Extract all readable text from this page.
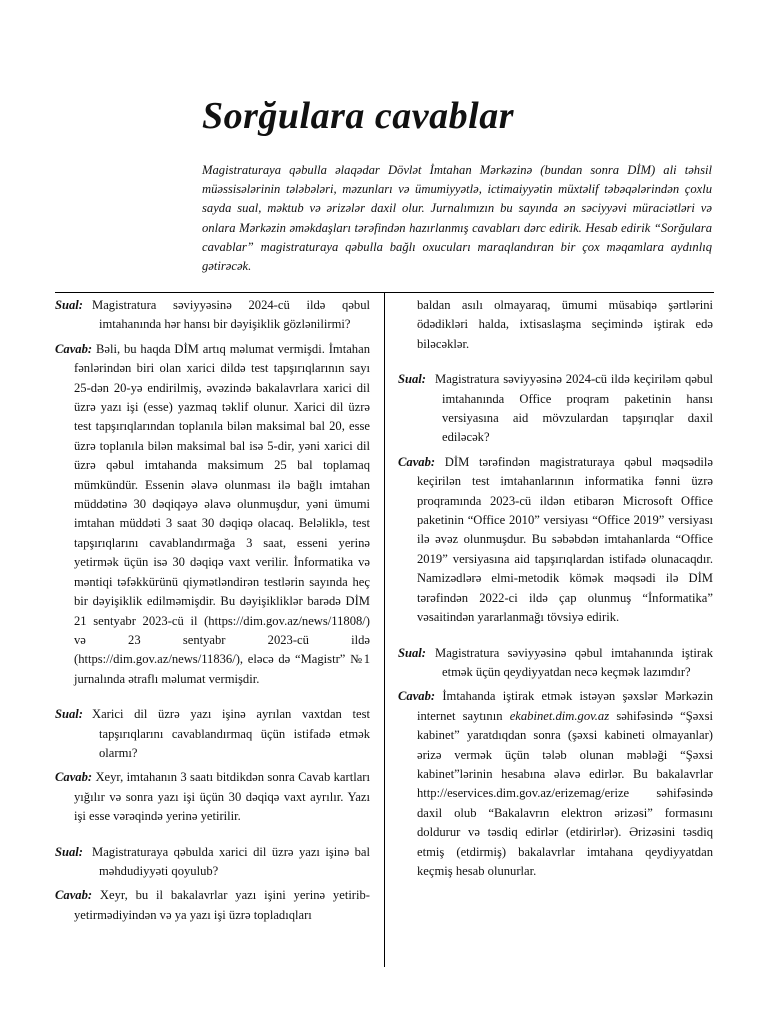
Sorğulara cavablar

Magistraturaya qəbulla əlaqədar Dövlət İmtahan Mərkəzinə (bundan sonra DİM) ali təhsil müəssisələrinin tələbələri, məzunları və ümumiyyətlə, ictimaiyyətin müxtəlif təbəqələrindən çoxlu sayda sual, məktub və ərizələr daxil olur. Jurnalımızın bu sayında ən səciyyəvi müraciətləri və onlara Mərkəzin əməkdaşları tərəfindən hazırlanmış cavabları dərc edirik. Hesab edirik “Sorğulara cavablar” magistraturaya qəbulla bağlı oxucuları maraqlandıran bir çox məqamlara aydınlıq gətirəcək.

Sual: Magistratura səviyyəsinə 2024-cü ildə qəbul imtahanında hər hansı bir dəyişiklik gözlənilirmi?

Cavab: Bəli, bu haqda DİM artıq məlumat vermişdi. İmtahan fənlərindən biri olan xarici dildə test tapşırıqlarının sayı 25-dən 20-yə endirilmiş, əvəzində bakalavrlara xarici dil üzrə yazı işi (esse) yazmaq təklif olunur. Xarici dil üzrə test tapşırıqlarından toplanıla bilən maksimal bal 20, esse üzrə toplanıla bilən maksimal bal isə 5-dir, yəni xarici dil üzrə qəbul imtahanda maksimum 25 bal toplamaq mümkündür. Essenin əlavə olunması ilə bağlı imtahan müddətinə 30 dəqiqəyə əlavə olunmuşdur, yəni ümumi imtahan müddəti 3 saat 30 dəqiqə olacaq. Beləliklə, test tapşırıqlarını cavablandırmağa 3 saat, esseni yerinə yetirmək üçün isə 30 dəqiqə vaxt verilir. İnformatika və məntiqi təfəkkürünü qiymətləndirən testlərin sayında heç bir dəyişiklik edilməmişdir. Bu dəyişikliklər barədə DİM 21 sentyabr 2023-cü il (https://dim.gov.az/news/11808/) və 23 sentyabr 2023-cü ildə (https://dim.gov.az/news/11836/), eləcə də “Magistr” №1 jurnalında ətraflı məlumat vermişdir.

Sual: Xarici dil üzrə yazı işinə ayrılan vaxtdan test tapşırıqlarını cavablandırmaq üçün istifadə etmək olarmı?

Cavab: Xeyr, imtahanın 3 saatı bitdikdən sonra Cavab kartları yığılır və sonra yazı işi üçün 30 dəqiqə vaxt ayrılır. Yazı işi esse vərəqində yerinə yetirilir.

Sual: Magistraturaya qəbulda xarici dil üzrə yazı işinə bal məhdudiyyəti qoyulub?

Cavab: Xeyr, bu il bakalavrlar yazı işini yerinə yetirib-yetirmədiyindən və ya yazı işi üzrə topladıqları

baldan asılı olmayaraq, ümumi müsabiqə şərtlərini ödədikləri halda, ixtisaslaşma seçimində iştirak edə biləcəklər.

Sual: Magistratura səviyyəsinə 2024-cü ildə keçiriləm qəbul imtahanında Office proqram paketinin hansı versiyasına aid mövzulardan tapşırıqlar daxil ediləcək?

Cavab: DİM tərəfindən magistraturaya qəbul məqsədilə keçirilən test imtahanlarının informatika fənni üzrə proqramında 2023-cü ildən etibarən Microsoft Office paketinin “Office 2010” versiyası “Office 2019” versiyası ilə əvəz olunmuşdur. Bu səbəbdən imtahanlarda “Office 2019” versiyasına aid tapşırıqlardan istifadə olunacaqdır. Namizədlərə elmi-metodik kömək məqsədi ilə DİM tərəfindən 2022-ci ildə çap olunmuş “İnformatika” vəsaitindən yararlanmağı tövsiyə edirik.

Sual: Magistratura səviyyəsinə qəbul imtahanında iştirak etmək üçün qeydiyyatdan necə keçmək lazımdır?

Cavab: İmtahanda iştirak etmək istəyən şəxslər Mərkəzin internet saytının ekabinet.dim.gov.az səhifəsində “Şəxsi kabinet” yaratdıqdan sonra (şəxsi kabineti olmayanlar) ərizə vermək üçün tələb olunan məbləği “Şəxsi kabinet”lərinin hesabına əlavə edirlər. Bu bakalavrlar http://eservices.dim.gov.az/erizemag/erize səhifəsində daxil olub “Bakalavrın elektron ərizəsi” formasını doldurur və təsdiq edirlər (etdirirlər). Ərizəsini təsdiq etmiş (etdirmiş) bakalavrlar imtahana qeydiyyatdan keçmiş hesab olunurlar.
